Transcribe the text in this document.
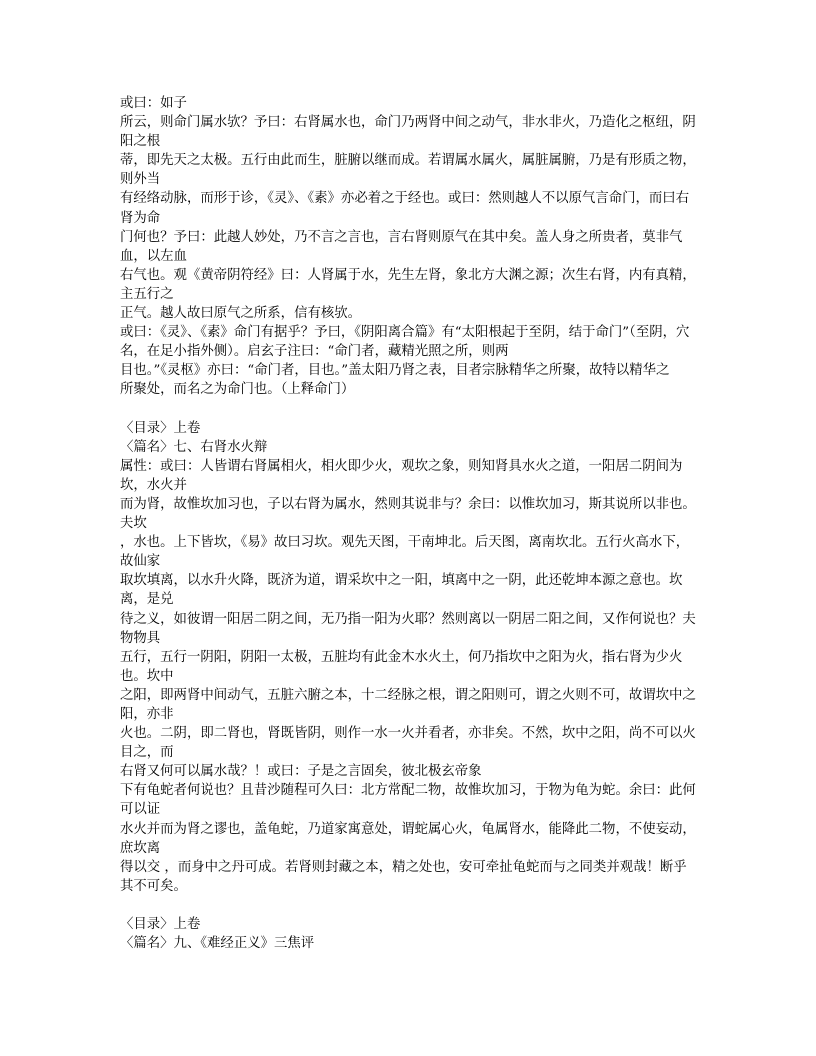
或曰：如子
所云，则命门属水欤？予曰：右肾属水也，命门乃两肾中间之动气，非水非火，乃造化之枢纽，阴阳之根
蒂，即先天之太极。五行由此而生，脏腑以继而成。若谓属水属火，属脏属腑，乃是有形质之物，则外当
有经络动脉，而形于诊，《灵》、《素》亦必着之于经也。或曰：然则越人不以原气言命门，而曰右肾为命
门何也？予曰：此越人妙处，乃不言之言也，言右肾则原气在其中矣。盖人身之所贵者，莫非气血，以左血
右气也。观《黄帝阴符经》曰：人肾属于水，先生左肾，象北方大渊之源；次生右肾，内有真精，主五行之
正气。越人故曰原气之所系，信有核欤。
或曰：《灵》、《素》命门有据乎？予曰，《阴阳离合篇》有“太阳根起于至阴，结于命门”（至阴，穴
名，在足小指外侧）。启玄子注曰：“命门者，藏精光照之所，则两
目也。”《灵枢》亦曰：“命门者，目也。”盖太阳乃肾之表，目者宗脉精华之所聚，故特以精华之
所聚处，而名之为命门也。（上释命门）
〈目录〉上卷
〈篇名〉七、右肾水火辩
属性：或曰：人皆谓右肾属相火，相火即少火，观坎之象，则知肾具水火之道，一阳居二阴间为坎，水火并
而为肾，故惟坎加习也，子以右肾为属水，然则其说非与？余曰：以惟坎加习，斯其说所以非也。夫坎
，水也。上下皆坎，《易》故曰习坎。观先天图，干南坤北。后天图，离南坎北。五行火高水下，故仙家
取坎填离，以水升火降，既济为道，谓采坎中之一阳，填离中之一阴，此还乾坤本源之意也。坎离，是兑
待之义，如彼谓一阳居二阴之间，无乃指一阳为火耶？然则离以一阴居二阳之间，又作何说也？夫物物具
五行，五行一阴阳，阴阳一太极，五脏均有此金木水火土，何乃指坎中之阳为火，指右肾为少火也。坎中
之阳，即两肾中间动气，五脏六腑之本，十二经脉之根，谓之阳则可，谓之火则不可，故谓坎中之阳，亦非
火也。二阴，即二肾也，肾既皆阴，则作一水一火并看者，亦非矣。不然，坎中之阳，尚不可以火目之，而
右肾又何可以属水哉？！或曰：子是之言固矣，彼北极玄帝象
下有龟蛇者何说也？且昔沙随程可久曰：北方常配二物，故惟坎加习，于物为龟为蛇。余曰：此何可以证
水火并而为肾之谬也，盖龟蛇，乃道家寓意处，谓蛇属心火，龟属肾水，能降此二物，不使妄动，庶坎离
得以交 ，而身中之丹可成。若肾则封藏之本，精之处也，安可牵扯龟蛇而与之同类并观哉！断乎其不可矣。
〈目录〉上卷
〈篇名〉九、《难经正义》三焦评
